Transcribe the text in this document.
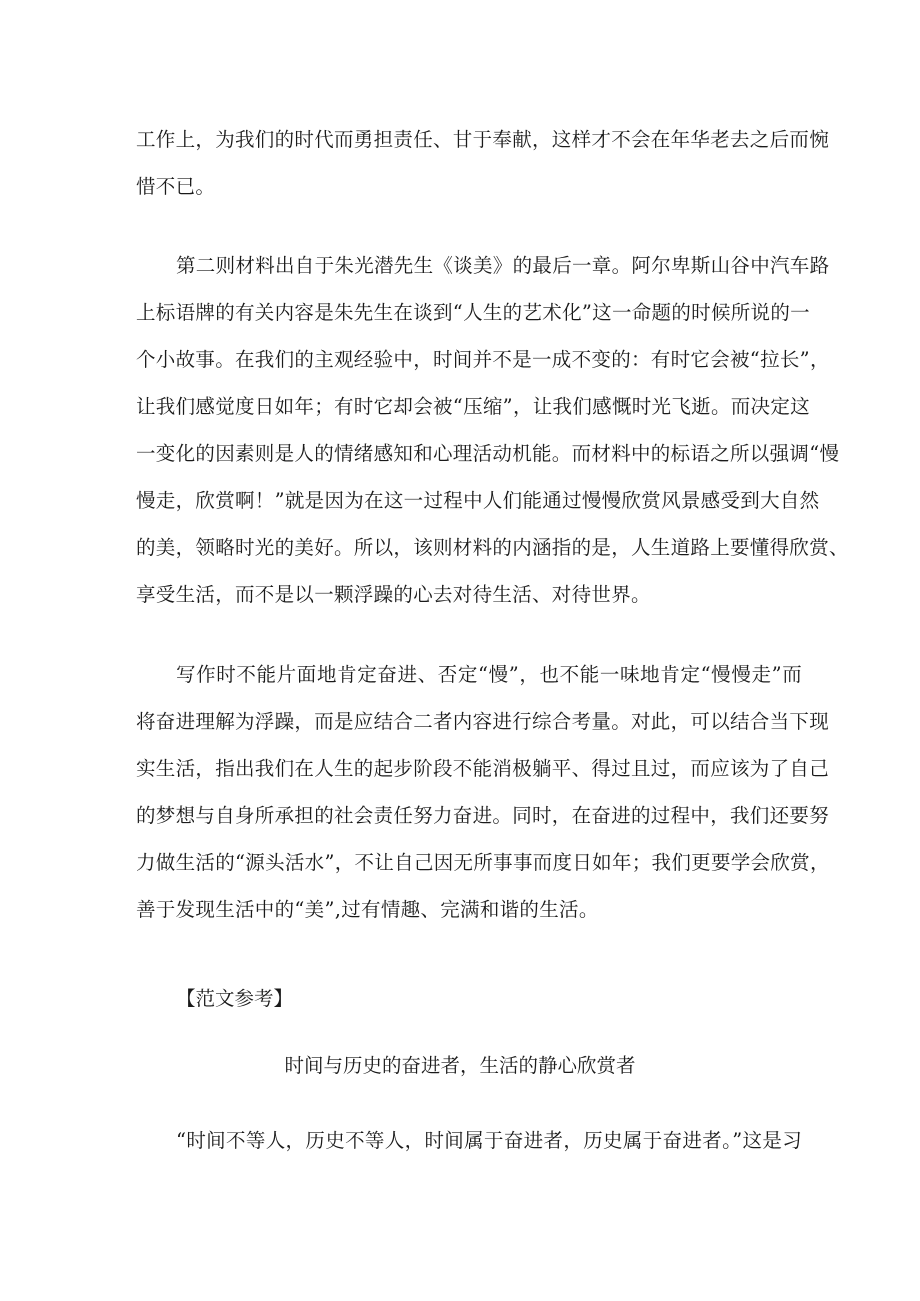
工作上，为我们的时代而勇担责任、甘于奉献，这样才不会在年华老去之后而惋
惜不已。
第二则材料出自于朱光潜先生《谈美》的最后一章。阿尔卑斯山谷中汽车路
上标语牌的有关内容是朱先生在谈到“人生的艺术化”这一命题的时候所说的一
个小故事。在我们的主观经验中，时间并不是一成不变的：有时它会被“拉长”，
让我们感觉度日如年；有时它却会被“压缩”，让我们感慨时光飞逝。而决定这
一变化的因素则是人的情绪感知和心理活动机能。而材料中的标语之所以强调“慢
慢走，欣赏啊！”就是因为在这一过程中人们能通过慢慢欣赏风景感受到大自然
的美，领略时光的美好。所以，该则材料的内涵指的是，人生道路上要懂得欣赏、
享受生活，而不是以一颗浮躁的心去对待生活、对待世界。
写作时不能片面地肯定奋进、否定“慢”，也不能一味地肯定“慢慢走”而
将奋进理解为浮躁，而是应结合二者内容进行综合考量。对此，可以结合当下现
实生活，指出我们在人生的起步阶段不能消极躺平、得过且过，而应该为了自己
的梦想与自身所承担的社会责任努力奋进。同时，在奋进的过程中，我们还要努
力做生活的“源头活水”，不让自己因无所事事而度日如年；我们更要学会欣赏，
善于发现生活中的“美”,过有情趣、完满和谐的生活。
【范文参考】
时间与历史的奋进者，生活的静心欣赏者
“时间不等人，历史不等人，时间属于奋进者，历史属于奋进者。”这是习
